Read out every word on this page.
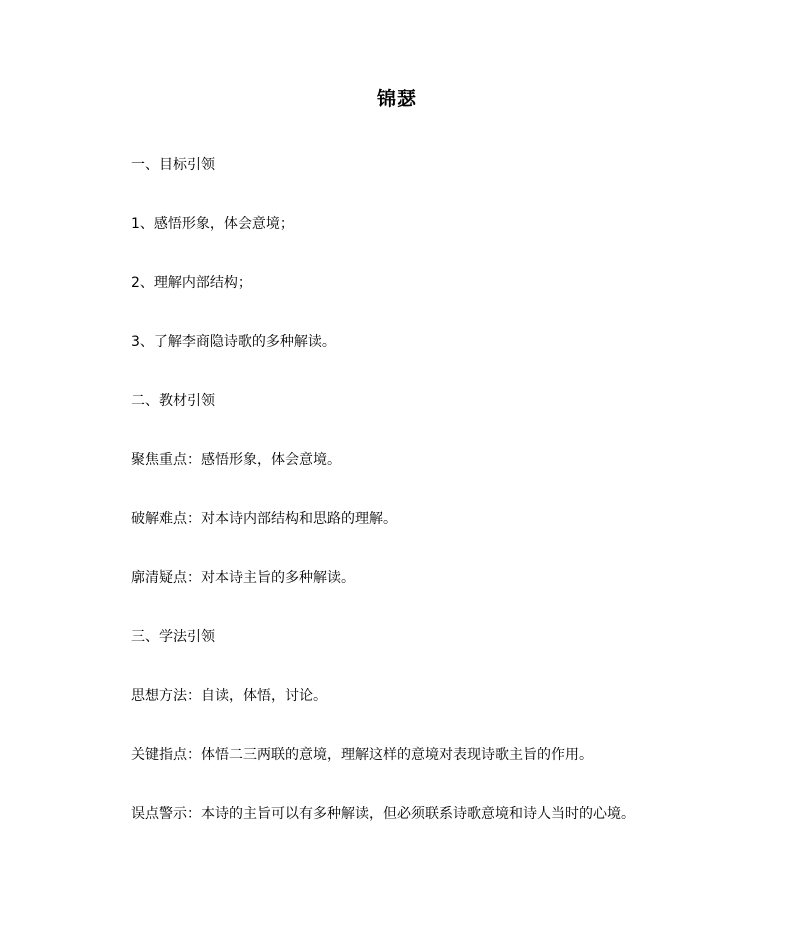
锦瑟
一、目标引领
1、感悟形象，体会意境；
2、理解内部结构；
3、了解李商隐诗歌的多种解读。
二、教材引领
聚焦重点：感悟形象，体会意境。
破解难点：对本诗内部结构和思路的理解。
廓清疑点：对本诗主旨的多种解读。
三、学法引领
思想方法：自读，体悟，讨论。
关键指点：体悟二三两联的意境，理解这样的意境对表现诗歌主旨的作用。
误点警示：本诗的主旨可以有多种解读，但必须联系诗歌意境和诗人当时的心境。
